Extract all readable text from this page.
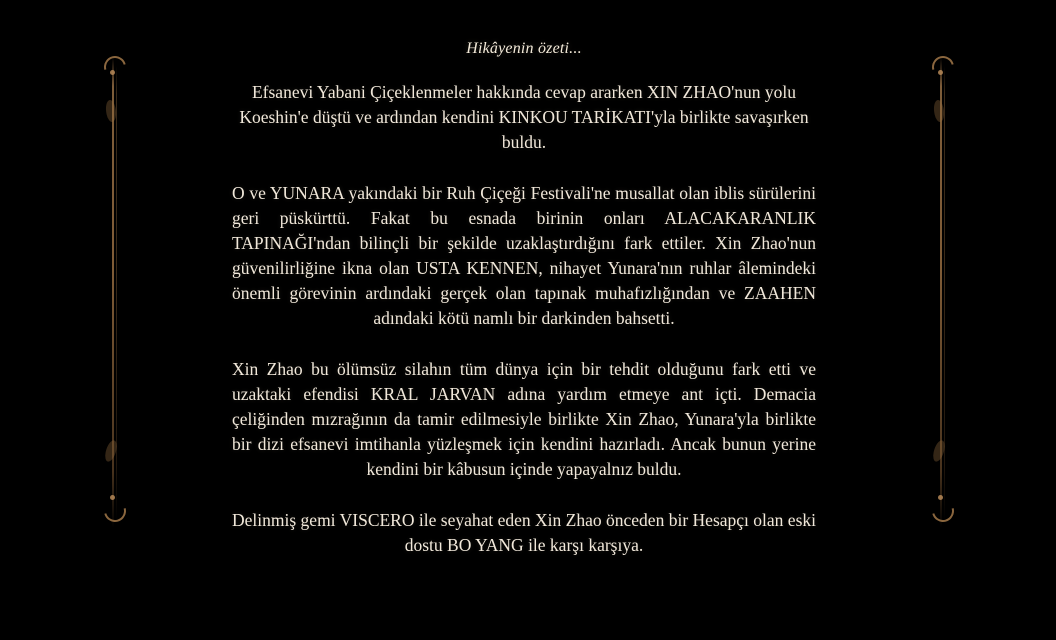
Hikâyenin özeti...

Efsanevi Yabani Çiçeklenmeler hakkında cevap ararken XIN ZHAO'nun yolu Koeshin'e düştü ve ardından kendini KINKOU TARİKATI'yla birlikte savaşırken buldu.

O ve YUNARA yakındaki bir Ruh Çiçeği Festivali'ne musallat olan iblis sürülerini geri püskürttü. Fakat bu esnada birinin onları ALACAKARANLIK TAPINAĞI'ndan bilinçli bir şekilde uzaklaştırdığını fark ettiler. Xin Zhao'nun güvenilirliğine ikna olan USTA KENNEN, nihayet Yunara'nın ruhlar âlemindeki önemli görevinin ardındaki gerçek olan tapınak muhafızlığından ve ZAAHEN adındaki kötü namlı bir darkinden bahsetti.

Xin Zhao bu ölümsüz silahın tüm dünya için bir tehdit olduğunu fark etti ve uzaktaki efendisi KRAL JARVAN adına yardım etmeye ant içti. Demacia çeliğinden mızrağının da tamir edilmesiyle birlikte Xin Zhao, Yunara'yla birlikte bir dizi efsanevi imtihanla yüzleşmek için kendini hazırladı. Ancak bunun yerine kendini bir kâbusun içinde yapayalnız buldu.

Delinmiş gemi VISCERO ile seyahat eden Xin Zhao önceden bir Hesapçı olan eski dostu BO YANG ile karşı karşıya.
